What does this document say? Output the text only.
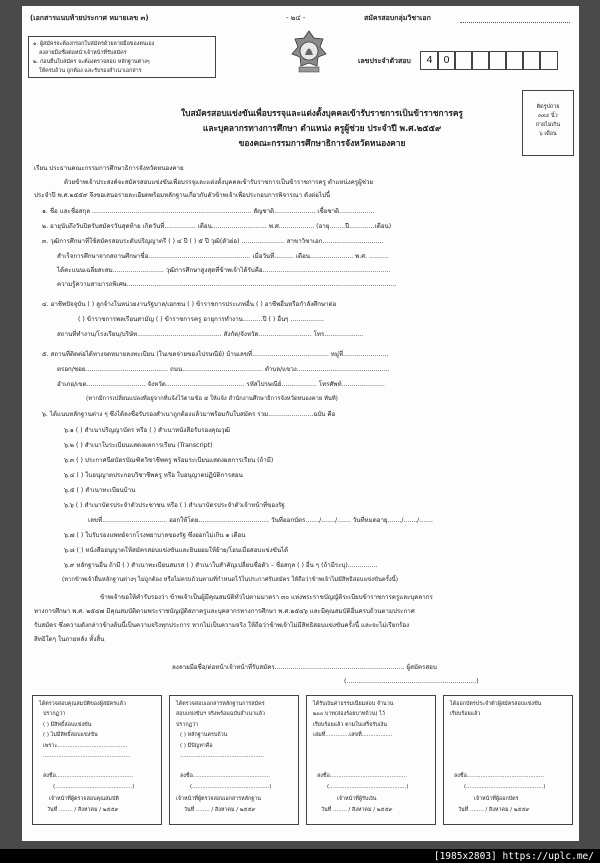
(เอกสารแนบท้ายประกาศ หมายเลข ๓)	- ๒๔ -	สมัครสอบกลุ่มวิชาเอก
๑. ผู้สมัครจะต้องกรอกใบสมัครด้วยลายมือของตนเอง
ลงลายมือชื่อต่อหน้าเจ้าหน้าที่รับสมัคร
๒. ก่อนยื่นใบสมัคร จะต้องตรวจสอบ หลักฐานต่างๆ
ให้ครบถ้วน ถูกต้อง และรับรองสำเนาเอกสาร
เลขประจำตัวสอบ	4	0
ติดรูปถ่าย
๓x๔ นิ้ว
ถ่ายไม่เกิน
๖ เดือน
ใบสมัครสอบแข่งขันเพื่อบรรจุและแต่งตั้งบุคคลเข้ารับราชการเป็นข้าราชการครู
และบุคลากรทางการศึกษา ตำแหน่ง ครูผู้ช่วย ประจำปี พ.ศ.๒๕๕๙
ของคณะกรรมการศึกษาธิการจังหวัดหนองคาย
เรียน ประธานคณะกรรมการศึกษาธิการจังหวัดหนองคาย
ด้วยข้าพเจ้าประสงค์จะสมัครสอบแข่งขันเพื่อบรรจุและแต่งตั้งบุคคลเข้ารับราชการเป็นข้าราชการครู ตำแหน่งครูผู้ช่วย
ประจำปี พ.ศ.๒๕๕๙ จึงขอเสนอรายละเอียดพร้อมหลักฐานเกี่ยวกับตัวข้าพเจ้าเพื่อประกอบการพิจารณา ดังต่อไปนี้
๑. ชื่อ และชื่อสกุล ................................................................................. สัญชาติ..................... เชื้อชาติ..................
๒. อายุนับถึงวันปิดรับสมัครวันสุดท้าย เกิดวันที่................ เดือน............................ พ.ศ.................. (อายุ........ปี.............เดือน)
๓. วุฒิการศึกษาที่ใช้สมัครสอบระดับปริญญาตรี ( ) ๔ ปี ( ) ๕ ปี วุฒิ(ตัวย่อ) ...................... สาขาวิชาเอก...............................
สำเร็จการศึกษาจากสถานศึกษาชื่อ.................................................... เมื่อวันที่.......... เดือน...................... พ.ศ. ..........
ได้คะแนนเฉลี่ยสะสม.......................... วุฒิการศึกษาสูงสุดที่ข้าพเจ้าได้รับคือ.................................................................
ความรู้ความสามารถพิเศษ.........................................................................................................................................
๔. อาชีพปัจจุบัน ( ) ลูกจ้างในหน่วยงานรัฐบาล/เอกชน ( ) ข้าราชการประเภทอื่น ( ) อาชีพอื่นหรือกำลังศึกษาต่อ
( ) ข้าราชการพลเรือนสามัญ ( ) ข้าราชการครู อายุการทำงาน..........ปี ( ) อื่นๆ .................
สถานที่ทำงาน/โรงเรียน/บริษัท........................................... สังกัด/จังหวัด........................... โทร....................
๕. สถานที่ติดต่อได้ทางจดหมายลงทะเบียน (ในเขตจ่ายของไปรษณีย์) บ้านเลขที่....................................... หมู่ที่.......................
ตรอก/ซอย.......................................... ถนน......................................... ตำบล/แขวง...............................................
อำเภอ/เขต.............................. จังหวัด........................................ รหัสไปรษณีย์.................. โทรศัพท์......................
(หากมีการเปลี่ยนแปลงที่อยู่จากที่แจ้งไว้ตามข้อ ๕ ให้แจ้ง สำนักงานศึกษาธิการจังหวัดหนองคาย ทันที)
๖. ได้แนบหลักฐานต่าง ๆ ซึ่งได้ลงชื่อรับรองสำเนาถูกต้องแล้วมาพร้อมกับใบสมัคร รวม.......................ฉบับ คือ
๖.๑ ( ) สำเนาปริญญาบัตร หรือ ( ) สำเนาหนังสือรับรองคุณวุฒิ
๖.๒ ( ) สำเนาใบระเบียนแสดงผลการเรียน (Transcript)
๖.๓ ( ) ประกาศนียบัตรบัณฑิตวิชาชีพครู พร้อมระเบียนแสดงผลการเรียน (ถ้ามี)
๖.๔ ( ) ใบอนุญาตประกอบวิชาชีพครู หรือ ใบอนุญาตปฏิบัติการสอน
๖.๕ ( ) สำเนาทะเบียนบ้าน
๖.๖ ( ) สำเนาบัตรประจำตัวประชาชน หรือ ( ) สำเนาบัตรประจำตัวเจ้าหน้าที่ของรัฐ
เลขที่................................. ออกให้โดย.................................... วันที่ออกบัตร......./......./....... วันที่หมดอายุ......./......./.......
๖.๗ ( ) ใบรับรองแพทย์จากโรงพยาบาลของรัฐ ซึ่งออกไม่เกิน ๑ เดือน
๖.๘ ( ) หนังสืออนุญาตให้สมัครสอบแข่งขันและยินยอมให้ย้าย/โอนเมื่อสอบแข่งขันได้
๖.๙ หลักฐานอื่น ถ้ามี ( ) สำเนาทะเบียนสมรส ( ) สำเนาใบสำคัญเปลี่ยนชื่อตัว – ชื่อสกุล ( ) อื่น ๆ (ถ้ามีระบุ)...............
(หากข้าพเจ้ายื่นหลักฐานต่างๆ ไม่ถูกต้อง หรือไม่ครบถ้วนตามที่กำหนดไว้ในประกาศรับสมัคร ให้ถือว่าข้าพเจ้าไม่มีสิทธิสอบแข่งขันครั้งนี้)
ข้าพเจ้าขอให้คำรับรองว่า ข้าพเจ้าเป็นผู้มีคุณสมบัติทั่วไปตามมาตรา ๓๐ แห่งพระราชบัญญัติระเบียบข้าราชการครูและบุคลากร
ทางการศึกษา พ.ศ. ๒๕๔๗ มีคุณสมบัติตามพระราชบัญญัติสภาครูและบุคลากรทางการศึกษา พ.ศ.๒๕๔๖ และมีคุณสมบัติอื่นครบถ้วนตามประกาศ
รับสมัคร ซึ่งความดังกล่าวข้างต้นนี้เป็นความจริงทุกประการ หากไม่เป็นความจริง ให้ถือว่าข้าพเจ้าไม่มีสิทธิสอบแข่งขันครั้งนี้ และจะไม่เรียกร้อง
สิทธิใดๆ ในภายหลัง ทั้งสิ้น
ลงลายมือชื่อ/ต่อหน้าเจ้าหน้าที่รับสมัคร.................................................................. ผู้สมัครสอบ
(..................................................................)
ได้ตรวจสอบคุณสมบัติของผู้สมัครแล้ว
ปรากฏว่า
( ) มีสิทธิ์สอบแข่งขัน
( ) ไม่มีสิทธิ์สอบแข่งขัน
เพราะ.........................................
...................................................
ลงชื่อ.............................................
(.............................................)
เจ้าหน้าที่ผู้ตรวจสอบคุณสมบัติ
วันที่ ........ / สิงหาคม / ๒๕๕๙
ได้ตรวจสอบเอกสารหลักฐานการสมัคร
สอบแข่งขันฯ จริงพร้อมฉบับสำเนาแล้ว
ปรากฏว่า
( ) หลักฐานครบถ้วน
( ) มีปัญหาคือ
.................................................
ลงชื่อ.............................................
(.............................................)
เจ้าหน้าที่ผู้ตรวจสอบเอกสารหลักฐาน
วันที่ ........ / สิงหาคม / ๒๕๕๙
ได้รับเงินค่าธรรมเนียมสอบ จำนวน
๒๐๐ บาท(สองร้อยบาทถ้วน) ไว้
เรียบร้อยแล้ว ตามใบเสร็จรับเงิน
เล่มที่..............เลขที่..................
ลงชื่อ.............................................
(.............................................)
เจ้าหน้าที่ผู้รับเงิน
วันที่ ........ / สิงหาคม / ๒๕๕๙
ได้ออกบัตรประจำตัวผู้สมัครสอบแข่งขัน
เรียบร้อยแล้ว
ลงชื่อ.............................................
(.............................................)
เจ้าหน้าที่ผู้ออกบัตร
วันที่ ........ / สิงหาคม / ๒๕๕๙
[1985x2803] https://uplc.me/
